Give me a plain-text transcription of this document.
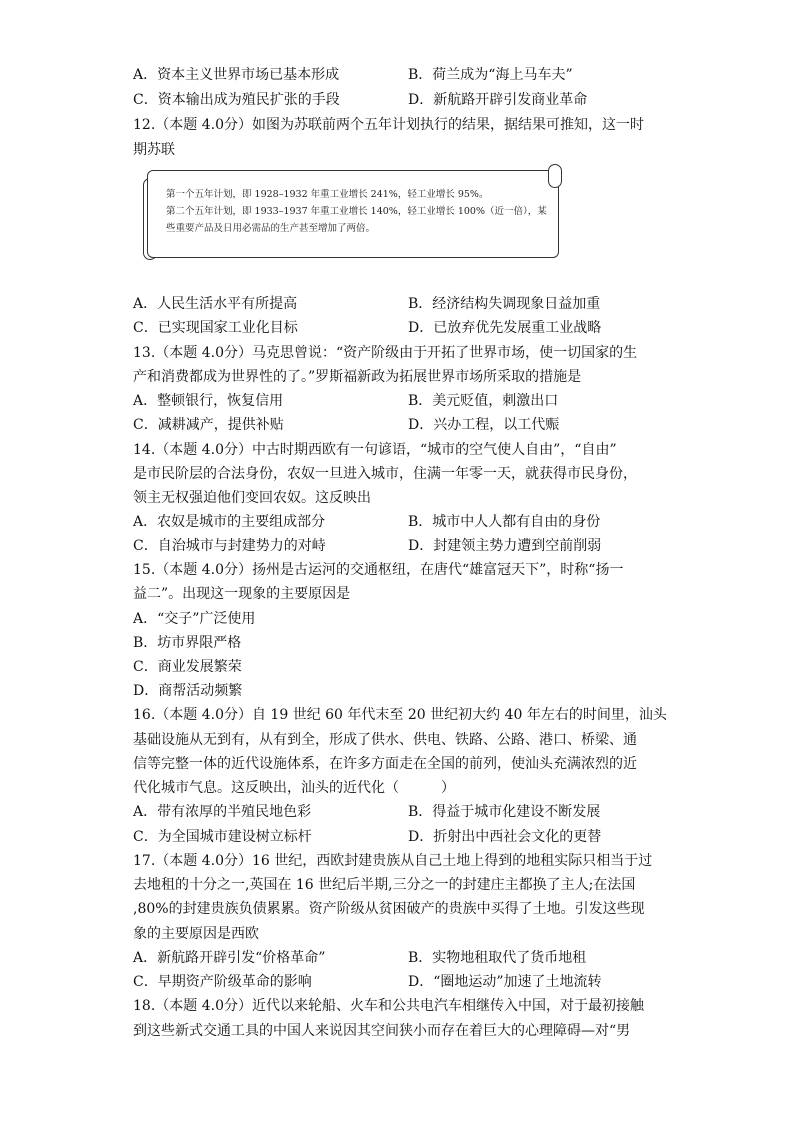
A．资本主义世界市场已基本形成	B．荷兰成为“海上马车夫”
C．资本输出成为殖民扩张的手段	D．新航路开辟引发商业革命
12.（本题 4.0分）如图为苏联前两个五年计划执行的结果，据结果可推知，这一时
期苏联
第一个五年计划，即 1928–1932 年重工业增长 241%，轻工业增长 95%。
第二个五年计划，即 1933–1937 年重工业增长 140%，轻工业增长 100%（近一倍），某
些重要产品及日用必需品的生产甚至增加了两倍。
A．人民生活水平有所提高	B．经济结构失调现象日益加重
C．已实现国家工业化目标	D．已放弃优先发展重工业战略
13.（本题 4.0分）马克思曾说：“资产阶级由于开拓了世界市场，使一切国家的生
产和消费都成为世界性的了。”罗斯福新政为拓展世界市场所采取的措施是
A．整顿银行，恢复信用	B．美元贬值，刺激出口
C．减耕减产，提供补贴	D．兴办工程，以工代赈
14.（本题 4.0分）中古时期西欧有一句谚语，“城市的空气使人自由”，“自由”
是市民阶层的合法身份，农奴一旦进入城市，住满一年零一天，就获得市民身份，
领主无权强迫他们变回农奴。这反映出
A．农奴是城市的主要组成部分	B．城市中人人都有自由的身份
C．自治城市与封建势力的对峙	D．封建领主势力遭到空前削弱
15.（本题 4.0分）扬州是古运河的交通枢纽，在唐代“雄富冠天下”，时称“扬一
益二”。出现这一现象的主要原因是
A．“交子”广泛使用
B．坊市界限严格
C．商业发展繁荣
D．商帮活动频繁
16.（本题 4.0分）自 19 世纪 60 年代末至 20 世纪初大约 40 年左右的时间里，汕头
基础设施从无到有，从有到全，形成了供水、供电、铁路、公路、港口、桥梁、通
信等完整一体的近代设施体系，在许多方面走在全国的前列，使汕头充满浓烈的近
代化城市气息。这反映出，汕头的近代化（　　　）
A．带有浓厚的半殖民地色彩	B．得益于城市化建设不断发展
C．为全国城市建设树立标杆	D．折射出中西社会文化的更替
17.（本题 4.0分）16 世纪，西欧封建贵族从自己土地上得到的地租实际只相当于过
去地租的十分之一,英国在 16 世纪后半期,三分之一的封建庄主都换了主人;在法国
,80%的封建贵族负债累累。资产阶级从贫困破产的贵族中买得了土地。引发这些现
象的主要原因是西欧
A．新航路开辟引发“价格革命”	B．实物地租取代了货币地租
C．早期资产阶级革命的影响	D．“圈地运动”加速了土地流转
18.（本题 4.0分）近代以来轮船、火车和公共电汽车相继传入中国，对于最初接触
到这些新式交通工具的中国人来说因其空间狭小而存在着巨大的心理障碍—对“男
